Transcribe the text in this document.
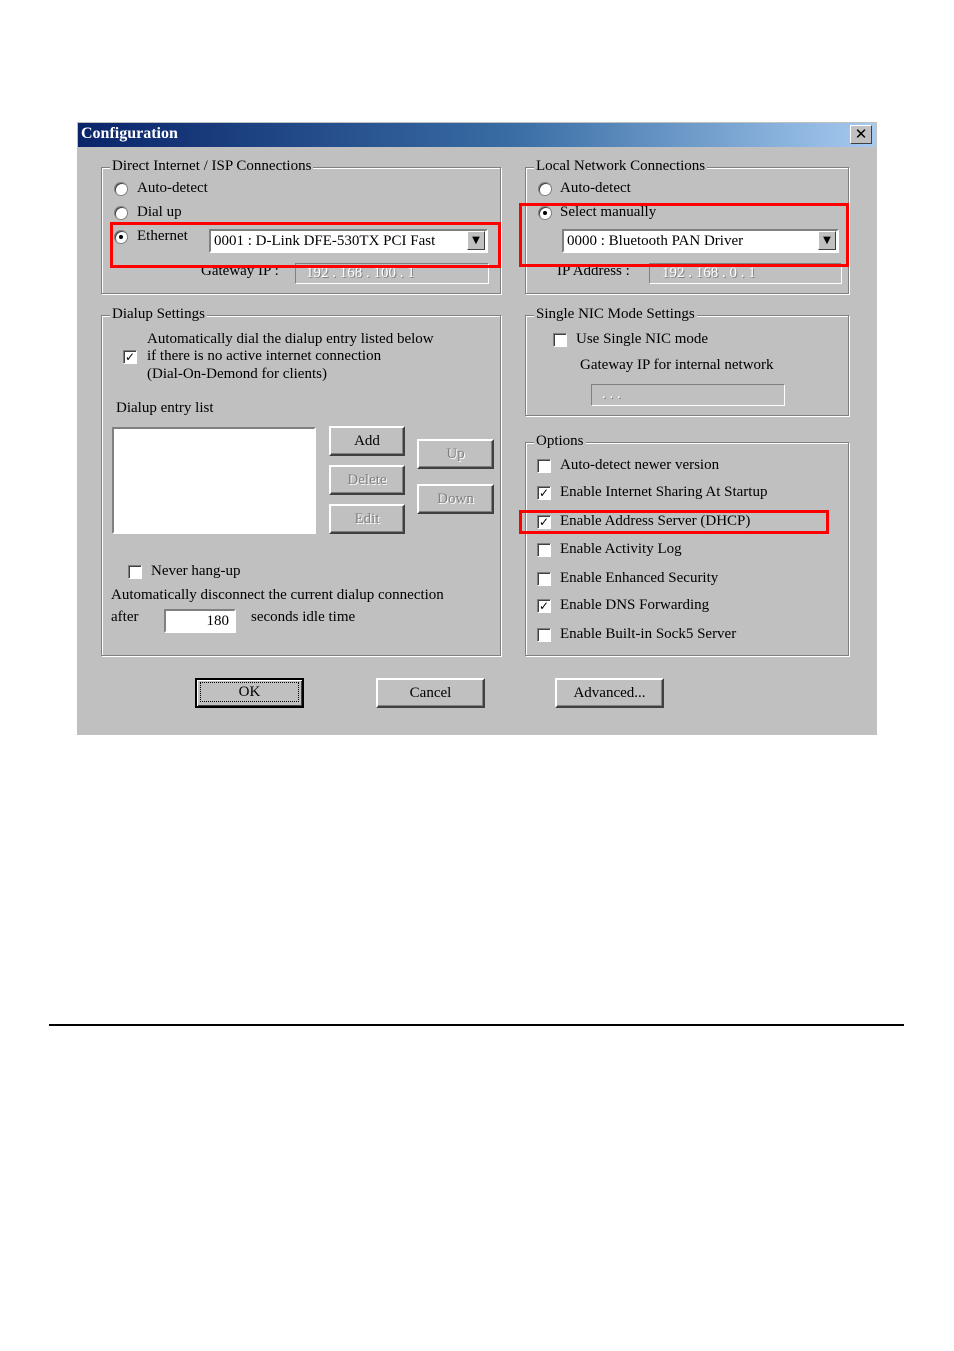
Configuration	✕
Direct Internet / ISP Connections
Auto-detect
Dial up
Ethernet	0001 : D-Link DFE-530TX PCI Fast	▼
Gateway IP :	192 . 168 . 100 . 1
Local Network Connections
Auto-detect
Select manually
0000 : Bluetooth PAN Driver	▼
IP Address :	192 . 168 . 0 . 1
Dialup Settings
✓
Automatically dial the dialup entry listed below
if there is no active internet connection
(Dial-On-Demond for clients)
Dialup entry list
Add
Delete
Edit
Up
Down
Never hang-up
Automatically disconnect the current dialup connection
after	180	seconds idle time
Single NIC Mode Settings
Use Single NIC mode
Gateway IP for internal network
. . .
Options
Auto-detect newer version
✓ Enable Internet Sharing At Startup
✓ Enable Address Server (DHCP)
Enable Activity Log
Enable Enhanced Security
✓ Enable DNS Forwarding
Enable Built-in Sock5 Server
OK	Cancel	Advanced...
